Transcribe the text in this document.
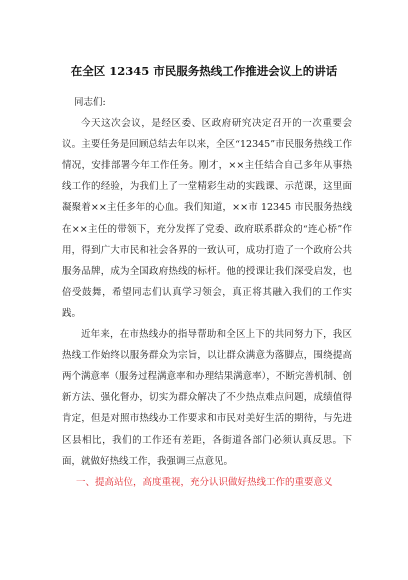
在全区 12345 市民服务热线工作推进会议上的讲话

同志们:

今天这次会议，是经区委、区政府研究决定召开的一次重要会议。主要任务是回顾总结去年以来，全区“12345”市民服务热线工作情况，安排部署今年工作任务。刚才，××主任结合自己多年从事热线工作的经验，为我们上了一堂精彩生动的实践课、示范课，这里面凝聚着××主任多年的心血。我们知道，××市 12345 市民服务热线在××主任的带领下，充分发挥了党委、政府联系群众的“连心桥”作用，得到广大市民和社会各界的一致认可，成功打造了一个政府公共服务品牌，成为全国政府热线的标杆。他的授课让我们深受启发，也倍受鼓舞，希望同志们认真学习领会，真正将其融入我们的工作实践。

近年来，在市热线办的指导帮助和全区上下的共同努力下，我区热线工作始终以服务群众为宗旨，以让群众满意为落脚点，围绕提高两个满意率（服务过程满意率和办理结果满意率），不断完善机制、创新方法、强化督办，切实为群众解决了不少热点难点问题，成绩值得肯定，但是对照市热线办工作要求和市民对美好生活的期待，与先进区县相比，我们的工作还有差距，各街道各部门必须认真反思。下面，就做好热线工作，我强调三点意见。

一、提高站位，高度重视，充分认识做好热线工作的重要意义
